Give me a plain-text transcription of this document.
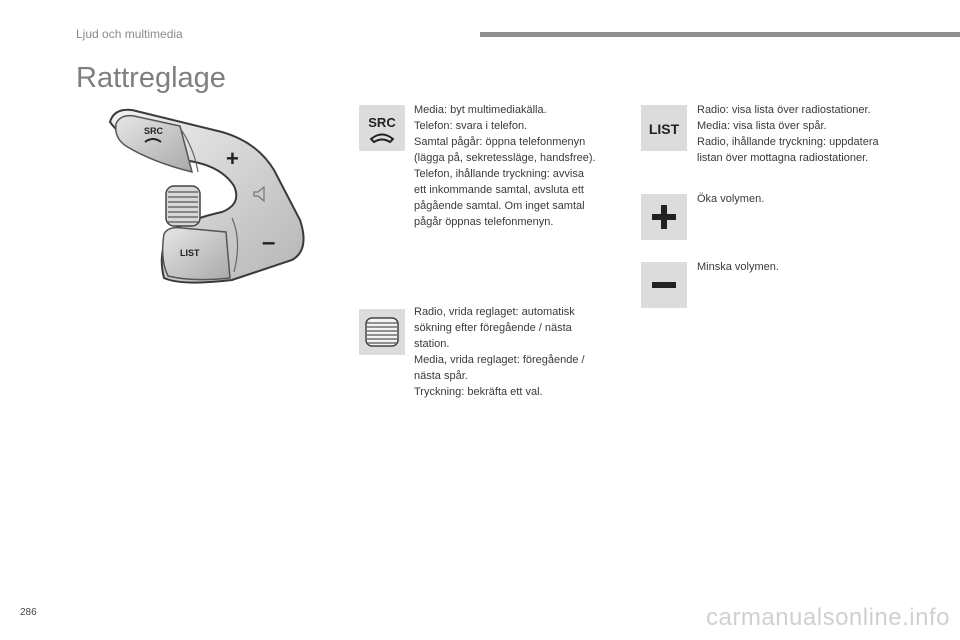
Ljud och multimedia
Rattreglage
SRC
+
–
LIST
SRC

Media: byt multimediakälla.

Telefon: svara i telefon.

Samtal pågår: öppna telefonmenyn

(lägga på, sekretessläge, handsfree).

Telefon, ihållande tryckning: avvisa

ett inkommande samtal, avsluta ett

pågående samtal. Om inget samtal

pågår öppnas telefonmenyn.

Radio, vrida reglaget: automatisk

sökning efter föregående / nästa

station.

Media, vrida reglaget: föregående /

nästa spår.

Tryckning: bekräfta ett val.

LIST

Radio: visa lista över radiostationer.

Media: visa lista över spår.

Radio, ihållande tryckning: uppdatera

listan över mottagna radiostationer.

Öka volymen.

Minska volymen.

286	carmanualsonline.info
